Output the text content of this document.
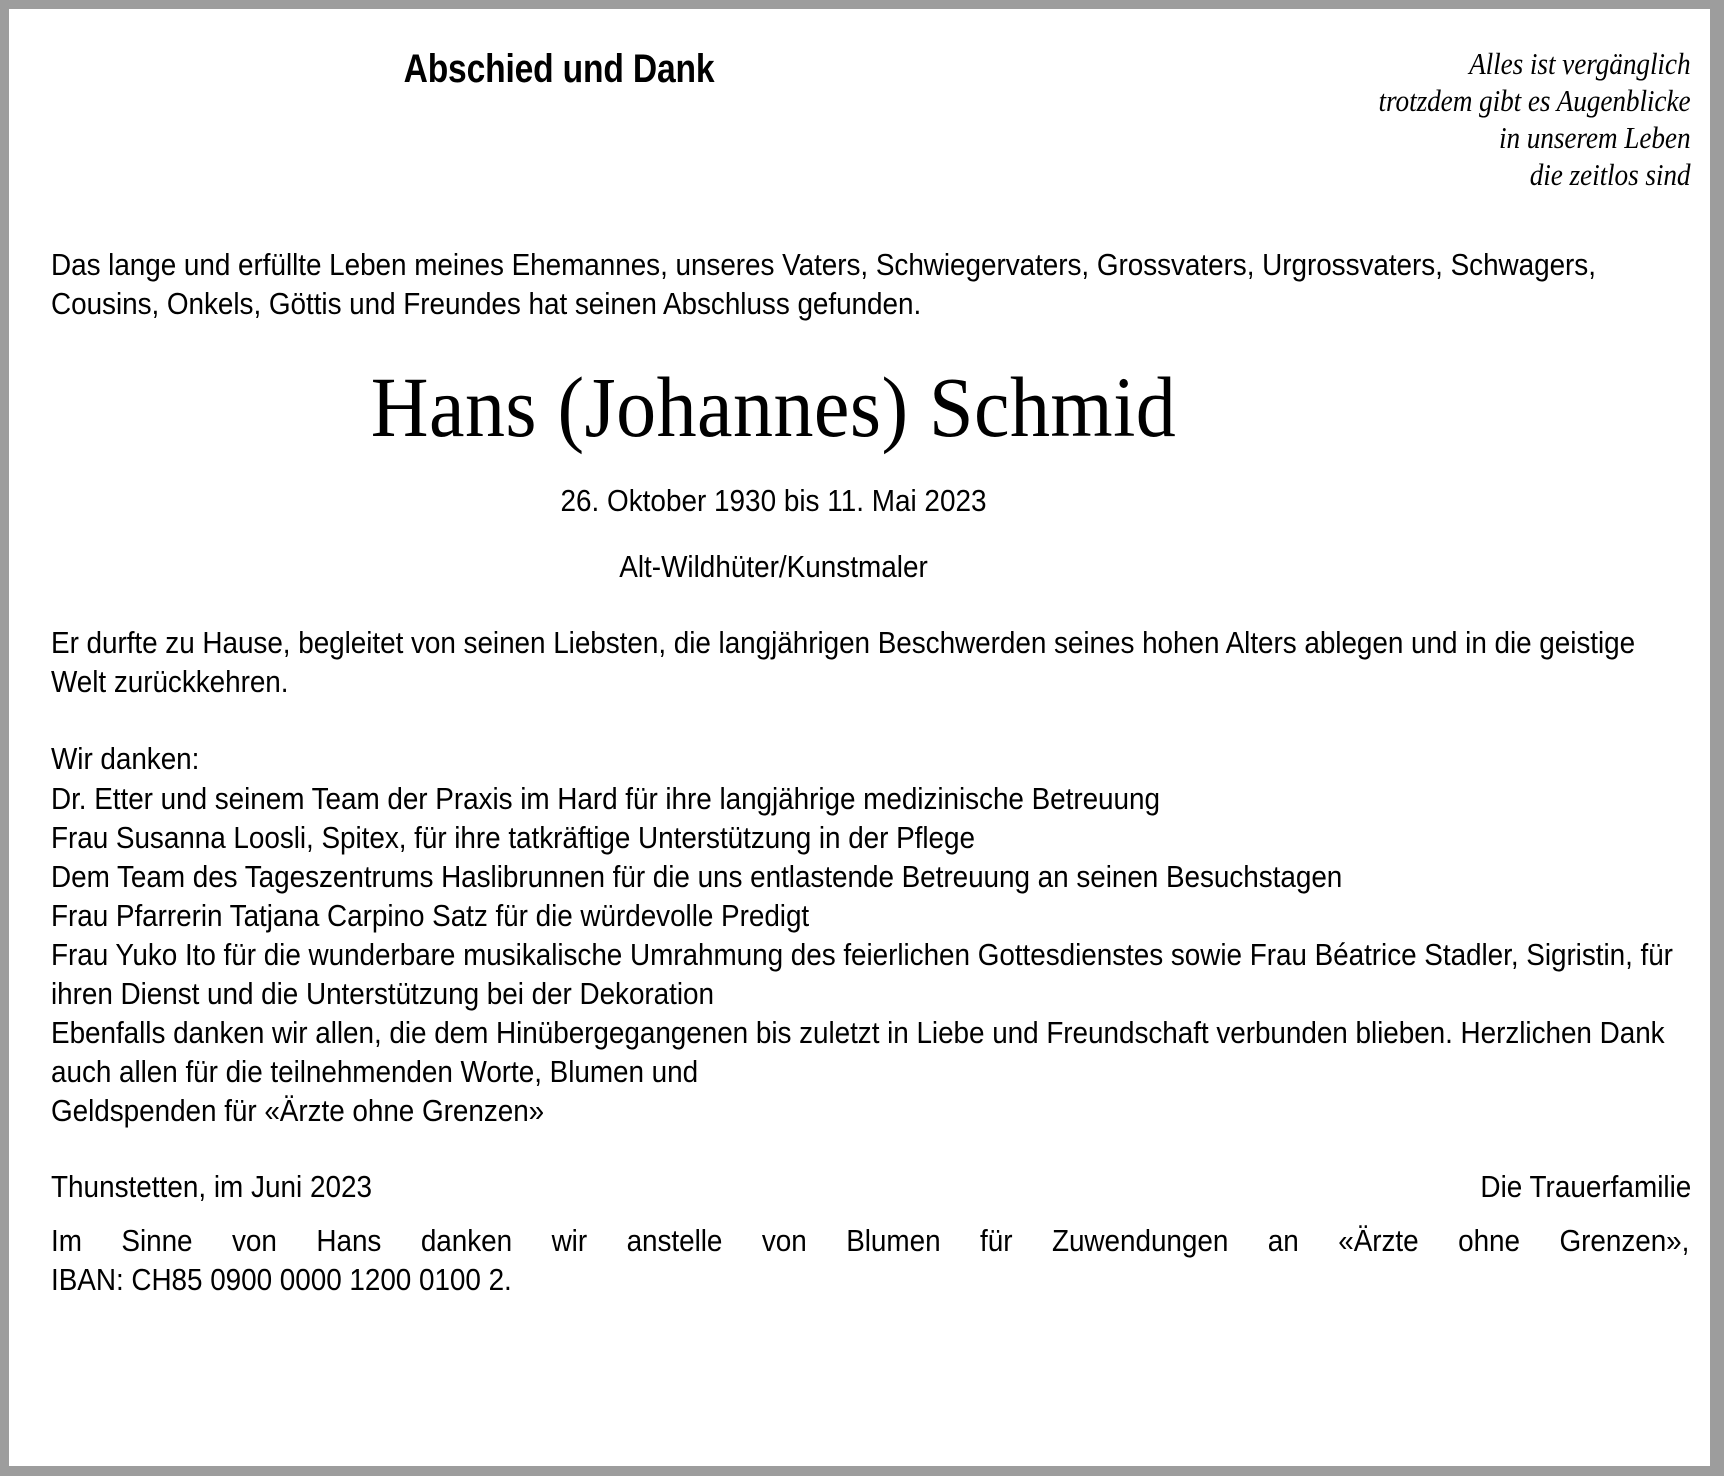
Abschied und Dank	Alles ist vergänglich
trotzdem gibt es Augenblicke
in unserem Leben
die zeitlos sind
Das lange und erfüllte Leben meines Ehemannes, unseres Vaters, Schwiegervaters, Grossvaters, Urgrossvaters, Schwagers, Cousins, Onkels, Göttis und Freundes hat seinen Abschluss gefunden.
Hans (Johannes) Schmid
26. Oktober 1930 bis 11. Mai 2023
Alt-Wildhüter/Kunstmaler
Er durfte zu Hause, begleitet von seinen Liebsten, die langjährigen Beschwerden seines hohen Alters ablegen und in die geistige Welt zurückkehren.
Wir danken:
Dr. Etter und seinem Team der Praxis im Hard für ihre langjährige medizinische Betreuung
Frau Susanna Loosli, Spitex, für ihre tatkräftige Unterstützung in der Pflege
Dem Team des Tageszentrums Haslibrunnen für die uns entlastende Betreuung an seinen Besuchstagen
Frau Pfarrerin Tatjana Carpino Satz für die würdevolle Predigt
Frau Yuko Ito für die wunderbare musikalische Umrahmung des feierlichen Gottesdienstes sowie Frau Béatrice Stadler, Sigristin, für ihren Dienst und die Unterstützung bei der Dekoration
Ebenfalls danken wir allen, die dem Hinübergegangenen bis zuletzt in Liebe und Freundschaft verbunden blieben. Herzlichen Dank auch allen für die teilnehmenden Worte, Blumen und
Geldspenden für «Ärzte ohne Grenzen»
Thunstetten, im Juni 2023	Die Trauerfamilie
Im Sinne von Hans danken wir anstelle von Blumen für Zuwendungen an «Ärzte ohne Grenzen»,
IBAN: CH85 0900 0000 1200 0100 2.
